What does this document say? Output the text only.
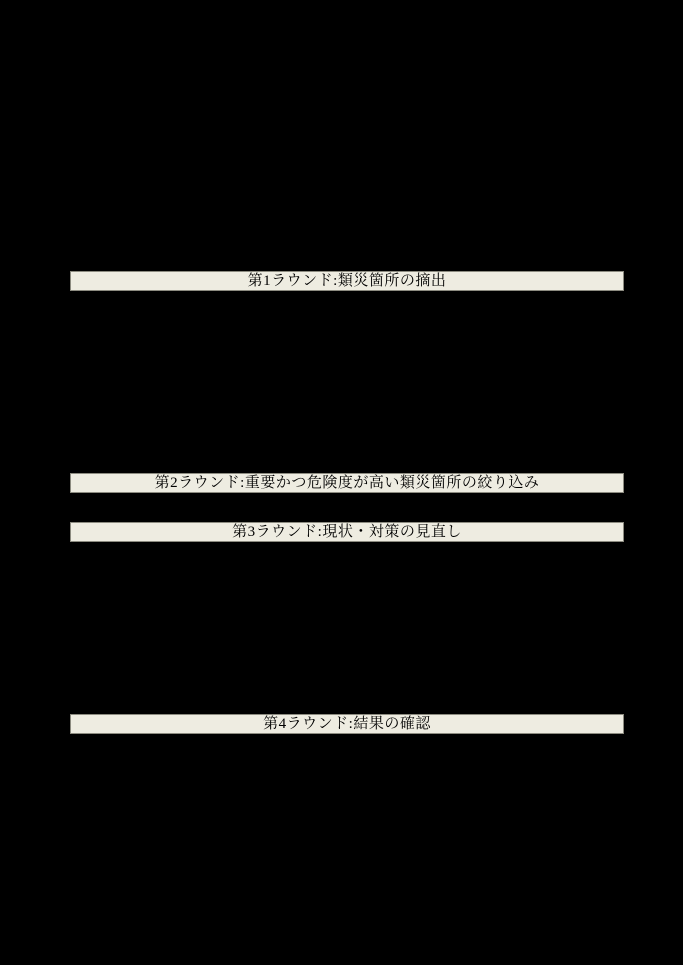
第1ラウンド:類災箇所の摘出
第2ラウンド:重要かつ危険度が高い類災箇所の絞り込み
第3ラウンド:現状・対策の見直し
第4ラウンド:結果の確認
